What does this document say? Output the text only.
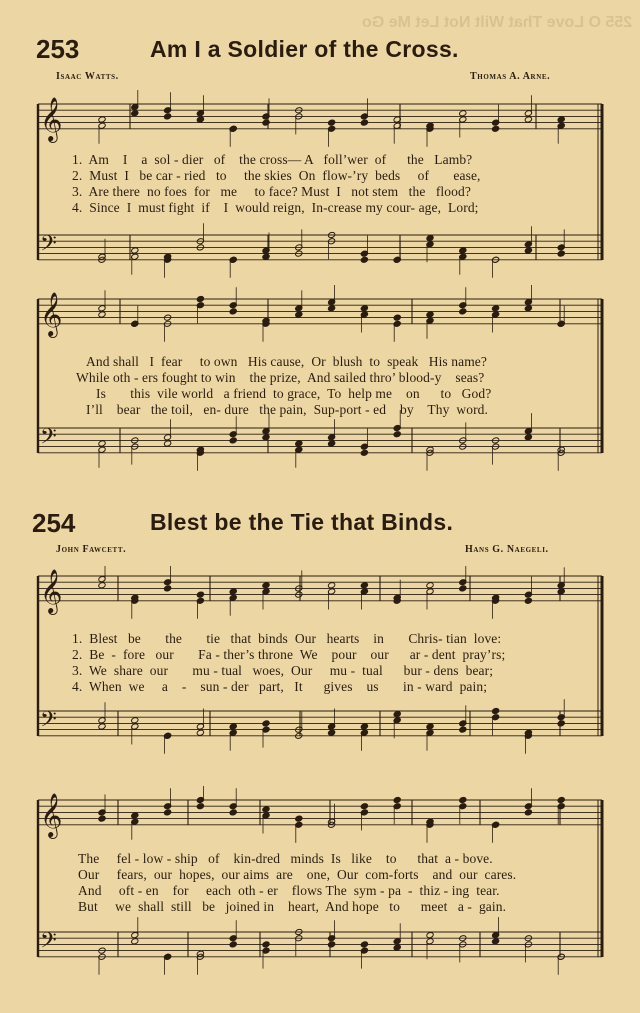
255 O Love That Wilt Not Let Me Go
253	Am I a Soldier of the Cross.
Isaac Watts.	Thomas A. Arne.
𝄞
𝄢
𝄞
𝄢
1.  Am    I    a  sol - dier   of    the cross— A   foll’wer  of      the   Lamb?
2.  Must  I   be car - ried   to     the skies  On  flow-’ry  beds     of       ease,
3.  Are there  no foes  for   me     to face? Must  I   not stem   the   flood?
4.  Since  I  must fight  if    I  would reign,  In-crease my cour- age,  Lord;
And shall   I  fear     to own   His cause,  Or  blush  to  speak   His name?
While oth - ers fought to win    the prize,  And sailed thro’ blood-y    seas?
Is       this  vile world   a friend  to grace,  To  help me    on      to   God?
I’ll    bear   the toil,   en- dure   the pain,  Sup-port - ed    by    Thy  word.
254	Blest be the Tie that Binds.
John Fawcett.	Hans G. Naegeli.
𝄞
𝄢
𝄞
𝄢
1.  Blest   be       the       tie   that  binds  Our   hearts    in       Chris- tian  love:
2.  Be  -  fore   our       Fa - ther’s throne  We    pour    our      ar - dent  pray’rs;
3.  We  share  our       mu - tual   woes,  Our     mu -  tual      bur - dens  bear;
4.  When  we     a    -    sun - der   part,   It      gives    us       in - ward  pain;
The     fel - low - ship   of    kin-dred   minds  Is   like    to      that  a - bove.
Our     fears,  our  hopes,  our aims  are    one,  Our  com-forts    and  our  cares.
And     oft - en    for     each  oth - er    flows The  sym - pa  -  thiz - ing  tear.
But     we  shall  still   be   joined in    heart,  And hope   to      meet   a -  gain.
